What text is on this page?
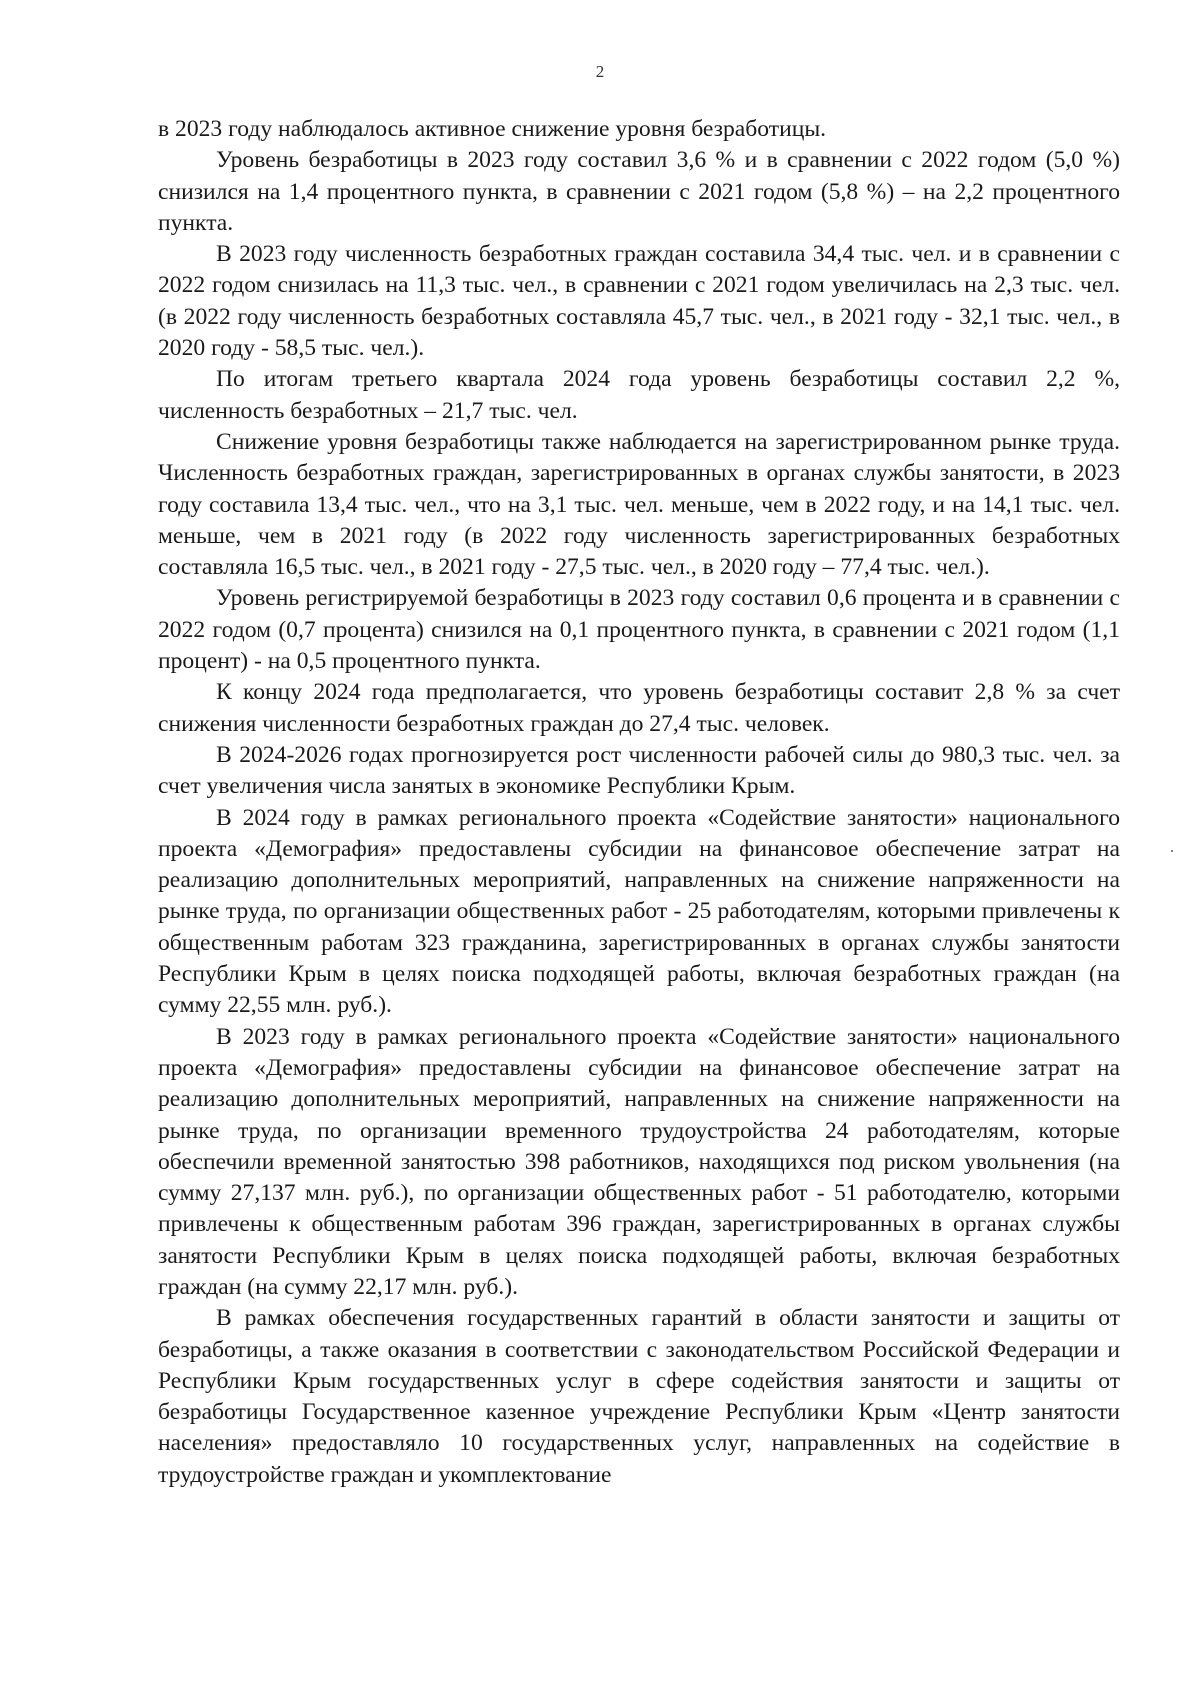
2

в 2023 году наблюдалось активное снижение уровня безработицы.

Уровень безработицы в 2023 году составил 3,6 % и в сравнении с 2022 годом (5,0 %) снизился на 1,4 процентного пункта, в сравнении с 2021 годом (5,8 %) – на 2,2 процентного пункта.

В 2023 году численность безработных граждан составила 34,4 тыс. чел. и в сравнении с 2022 годом снизилась на 11,3 тыс. чел., в сравнении с 2021 годом увеличилась на 2,3 тыс. чел. (в 2022 году численность безработных составляла 45,7 тыс. чел., в 2021 году - 32,1 тыс. чел., в 2020 году - 58,5 тыс. чел.).

По итогам третьего квартала 2024 года уровень безработицы составил 2,2 %, численность безработных – 21,7 тыс. чел.

Снижение уровня безработицы также наблюдается на зарегистрированном рынке труда. Численность безработных граждан, зарегистрированных в органах службы занятости, в 2023 году составила 13,4 тыс. чел., что на 3,1 тыс. чел. меньше, чем в 2022 году, и на 14,1 тыс. чел. меньше, чем в 2021 году (в 2022 году численность зарегистрированных безработных составляла 16,5 тыс. чел., в 2021 году - 27,5 тыс. чел., в 2020 году – 77,4 тыс. чел.).

Уровень регистрируемой безработицы в 2023 году составил 0,6 процента и в сравнении с 2022 годом (0,7 процента) снизился на 0,1 процентного пункта, в сравнении с 2021 годом (1,1 процент) - на 0,5 процентного пункта.

К концу 2024 года предполагается, что уровень безработицы составит 2,8 % за счет снижения численности безработных граждан до 27,4 тыс. человек.

В 2024-2026 годах прогнозируется рост численности рабочей силы до 980,3 тыс. чел. за счет увеличения числа занятых в экономике Республики Крым.

В 2024 году в рамках регионального проекта «Содействие занятости» национального проекта «Демография» предоставлены субсидии на финансовое обеспечение затрат на реализацию дополнительных мероприятий, направленных на снижение напряженности на рынке труда, по организации общественных работ - 25 работодателям, которыми привлечены к общественным работам 323 гражданина, зарегистрированных в органах службы занятости Республики Крым в целях поиска подходящей работы, включая безработных граждан (на сумму 22,55 млн. руб.).

В 2023 году в рамках регионального проекта «Содействие занятости» национального проекта «Демография» предоставлены субсидии на финансовое обеспечение затрат на реализацию дополнительных мероприятий, направленных на снижение напряженности на рынке труда, по организации временного трудоустройства 24 работодателям, которые обеспечили временной занятостью 398 работников, находящихся под риском увольнения (на сумму 27,137 млн. руб.), по организации общественных работ - 51 работодателю, которыми привлечены к общественным работам 396 граждан, зарегистрированных в органах службы занятости Республики Крым в целях поиска подходящей работы, включая безработных граждан (на сумму 22,17 млн. руб.).

В рамках обеспечения государственных гарантий в области занятости и защиты от безработицы, а также оказания в соответствии с законодательством Российской Федерации и Республики Крым государственных услуг в сфере содействия занятости и защиты от безработицы Государственное казенное учреждение Республики Крым «Центр занятости населения» предоставляло 10 государственных услуг, направленных на содействие в трудоустройстве граждан и укомплектование
